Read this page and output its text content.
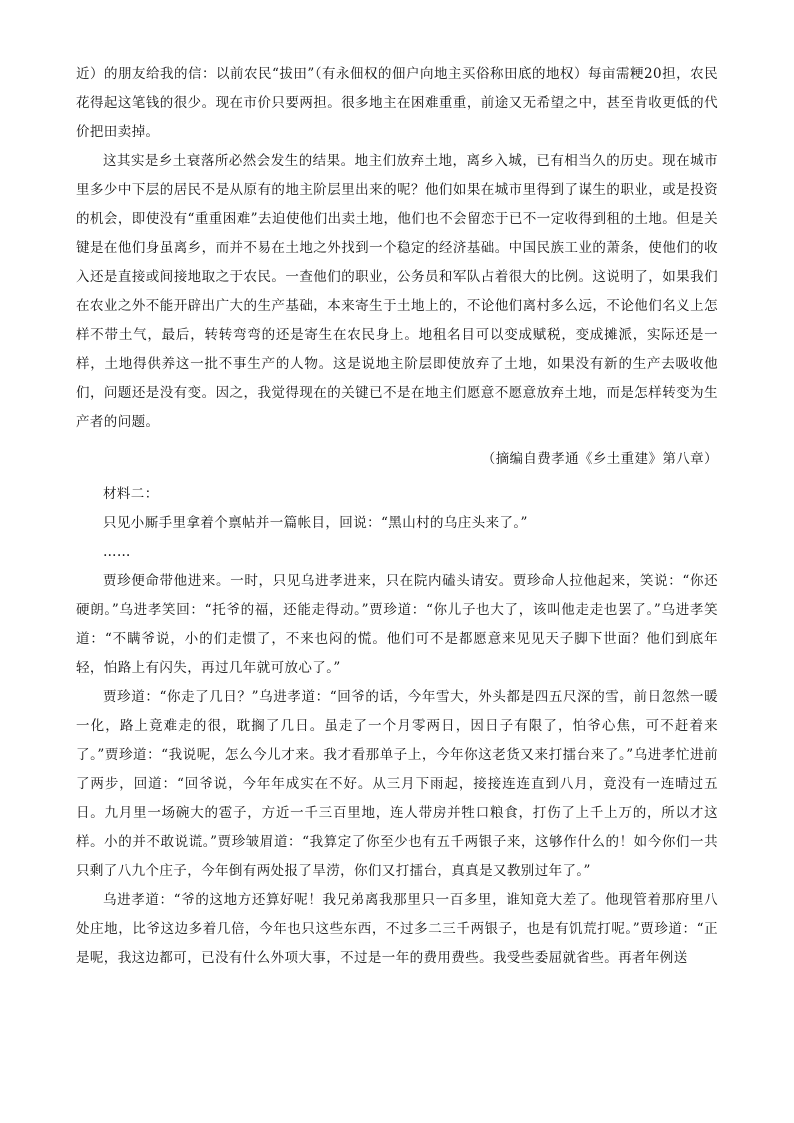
近）的朋友给我的信：以前农民“拔田”（有永佃权的佃户向地主买俗称田底的地权）每亩需粳20担，农民花得起这笔钱的很少。现在市价只要两担。很多地主在困难重重，前途又无希望之中，甚至肯收更低的代价把田卖掉。

这其实是乡土衰落所必然会发生的结果。地主们放弃土地，离乡入城，已有相当久的历史。现在城市里多少中下层的居民不是从原有的地主阶层里出来的呢？他们如果在城市里得到了谋生的职业，或是投资的机会，即使没有“重重困难”去迫使他们出卖土地，他们也不会留恋于已不一定收得到租的土地。但是关键是在他们身虽离乡，而并不易在土地之外找到一个稳定的经济基础。中国民族工业的萧条，使他们的收入还是直接或间接地取之于农民。一查他们的职业，公务员和军队占着很大的比例。这说明了，如果我们在农业之外不能开辟出广大的生产基础，本来寄生于土地上的，不论他们离村多么远，不论他们名义上怎样不带土气，最后，转转弯弯的还是寄生在农民身上。地租名目可以变成赋税，变成摊派，实际还是一样，土地得供养这一批不事生产的人物。这是说地主阶层即使放弃了土地，如果没有新的生产去吸收他们，问题还是没有变。因之，我觉得现在的关键已不是在地主们愿意不愿意放弃土地，而是怎样转变为生产者的问题。

（摘编自费孝通《乡土重建》第八章）

材料二：

只见小厮手里拿着个禀帖并一篇帐目，回说：“黑山村的乌庄头来了。”

……

贾珍便命带他进来。一时，只见乌进孝进来，只在院内磕头请安。贾珍命人拉他起来，笑说：“你还硬朗。”乌进孝笑回：“托爷的福，还能走得动。”贾珍道：“你儿子也大了，该叫他走走也罢了。”乌进孝笑道：“不瞒爷说，小的们走惯了，不来也闷的慌。他们可不是都愿意来见见天子脚下世面？他们到底年轻，怕路上有闪失，再过几年就可放心了。”

贾珍道：“你走了几日？”乌进孝道：“回爷的话，今年雪大，外头都是四五尺深的雪，前日忽然一暖一化，路上竟难走的很，耽搁了几日。虽走了一个月零两日，因日子有限了，怕爷心焦，可不赶着来了。”贾珍道：“我说呢，怎么今儿才来。我才看那单子上，今年你这老货又来打擂台来了。”乌进孝忙进前了两步，回道：“回爷说，今年年成实在不好。从三月下雨起，接接连连直到八月，竟没有一连晴过五日。九月里一场碗大的雹子，方近一千三百里地，连人带房并牲口粮食，打伤了上千上万的，所以才这样。小的并不敢说谎。”贾珍皱眉道：“我算定了你至少也有五千两银子来，这够作什么的！如今你们一共只剩了八九个庄子，今年倒有两处报了旱涝，你们又打擂台，真真是又教别过年了。”

乌进孝道：“爷的这地方还算好呢！我兄弟离我那里只一百多里，谁知竟大差了。他现管着那府里八处庄地，比爷这边多着几倍，今年也只这些东西，不过多二三千两银子，也是有饥荒打呢。”贾珍道：“正是呢，我这边都可，已没有什么外项大事，不过是一年的费用费些。我受些委屈就省些。再者年例送
